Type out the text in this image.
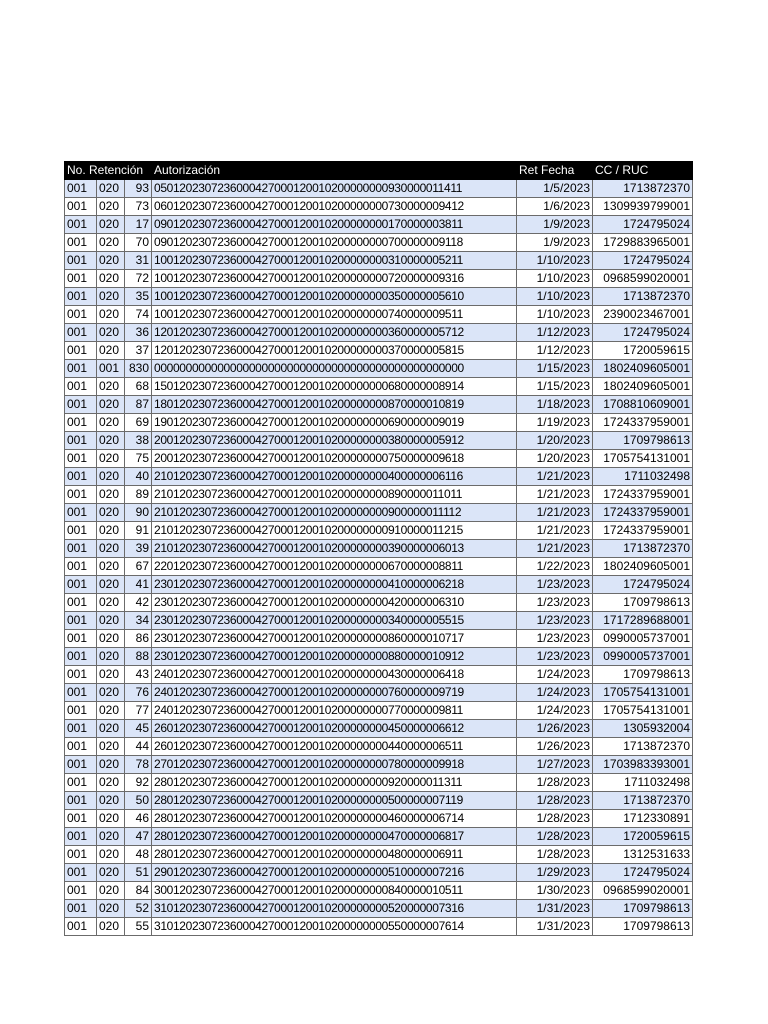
No. Retención			Autorización	Ret Fecha	CC / RUC
001	020	93	0501202307236000427000120010200000000930000011411	1/5/2023	1713872370
001	020	73	0601202307236000427000120010200000000730000009412	1/6/2023	1309939799001
001	020	17	0901202307236000427000120010200000000170000003811	1/9/2023	1724795024
001	020	70	0901202307236000427000120010200000000700000009118	1/9/2023	1729883965001
001	020	31	1001202307236000427000120010200000000310000005211	1/10/2023	1724795024
001	020	72	1001202307236000427000120010200000000720000009316	1/10/2023	0968599020001
001	020	35	1001202307236000427000120010200000000350000005610	1/10/2023	1713872370
001	020	74	1001202307236000427000120010200000000740000009511	1/10/2023	2390023467001
001	020	36	1201202307236000427000120010200000000360000005712	1/12/2023	1724795024
001	020	37	1201202307236000427000120010200000000370000005815	1/12/2023	1720059615
001	001	830	0000000000000000000000000000000000000000000000000	1/15/2023	1802409605001
001	020	68	1501202307236000427000120010200000000680000008914	1/15/2023	1802409605001
001	020	87	1801202307236000427000120010200000000870000010819	1/18/2023	1708810609001
001	020	69	1901202307236000427000120010200000000690000009019	1/19/2023	1724337959001
001	020	38	2001202307236000427000120010200000000380000005912	1/20/2023	1709798613
001	020	75	2001202307236000427000120010200000000750000009618	1/20/2023	1705754131001
001	020	40	2101202307236000427000120010200000000400000006116	1/21/2023	1711032498
001	020	89	2101202307236000427000120010200000000890000011011	1/21/2023	1724337959001
001	020	90	2101202307236000427000120010200000000900000011112	1/21/2023	1724337959001
001	020	91	2101202307236000427000120010200000000910000011215	1/21/2023	1724337959001
001	020	39	2101202307236000427000120010200000000390000006013	1/21/2023	1713872370
001	020	67	2201202307236000427000120010200000000670000008811	1/22/2023	1802409605001
001	020	41	2301202307236000427000120010200000000410000006218	1/23/2023	1724795024
001	020	42	2301202307236000427000120010200000000420000006310	1/23/2023	1709798613
001	020	34	2301202307236000427000120010200000000340000005515	1/23/2023	1717289688001
001	020	86	2301202307236000427000120010200000000860000010717	1/23/2023	0990005737001
001	020	88	2301202307236000427000120010200000000880000010912	1/23/2023	0990005737001
001	020	43	2401202307236000427000120010200000000430000006418	1/24/2023	1709798613
001	020	76	2401202307236000427000120010200000000760000009719	1/24/2023	1705754131001
001	020	77	2401202307236000427000120010200000000770000009811	1/24/2023	1705754131001
001	020	45	2601202307236000427000120010200000000450000006612	1/26/2023	1305932004
001	020	44	2601202307236000427000120010200000000440000006511	1/26/2023	1713872370
001	020	78	2701202307236000427000120010200000000780000009918	1/27/2023	1703983393001
001	020	92	2801202307236000427000120010200000000920000011311	1/28/2023	1711032498
001	020	50	2801202307236000427000120010200000000500000007119	1/28/2023	1713872370
001	020	46	2801202307236000427000120010200000000460000006714	1/28/2023	1712330891
001	020	47	2801202307236000427000120010200000000470000006817	1/28/2023	1720059615
001	020	48	2801202307236000427000120010200000000480000006911	1/28/2023	1312531633
001	020	51	2901202307236000427000120010200000000510000007216	1/29/2023	1724795024
001	020	84	3001202307236000427000120010200000000840000010511	1/30/2023	0968599020001
001	020	52	3101202307236000427000120010200000000520000007316	1/31/2023	1709798613
001	020	55	3101202307236000427000120010200000000550000007614	1/31/2023	1709798613
